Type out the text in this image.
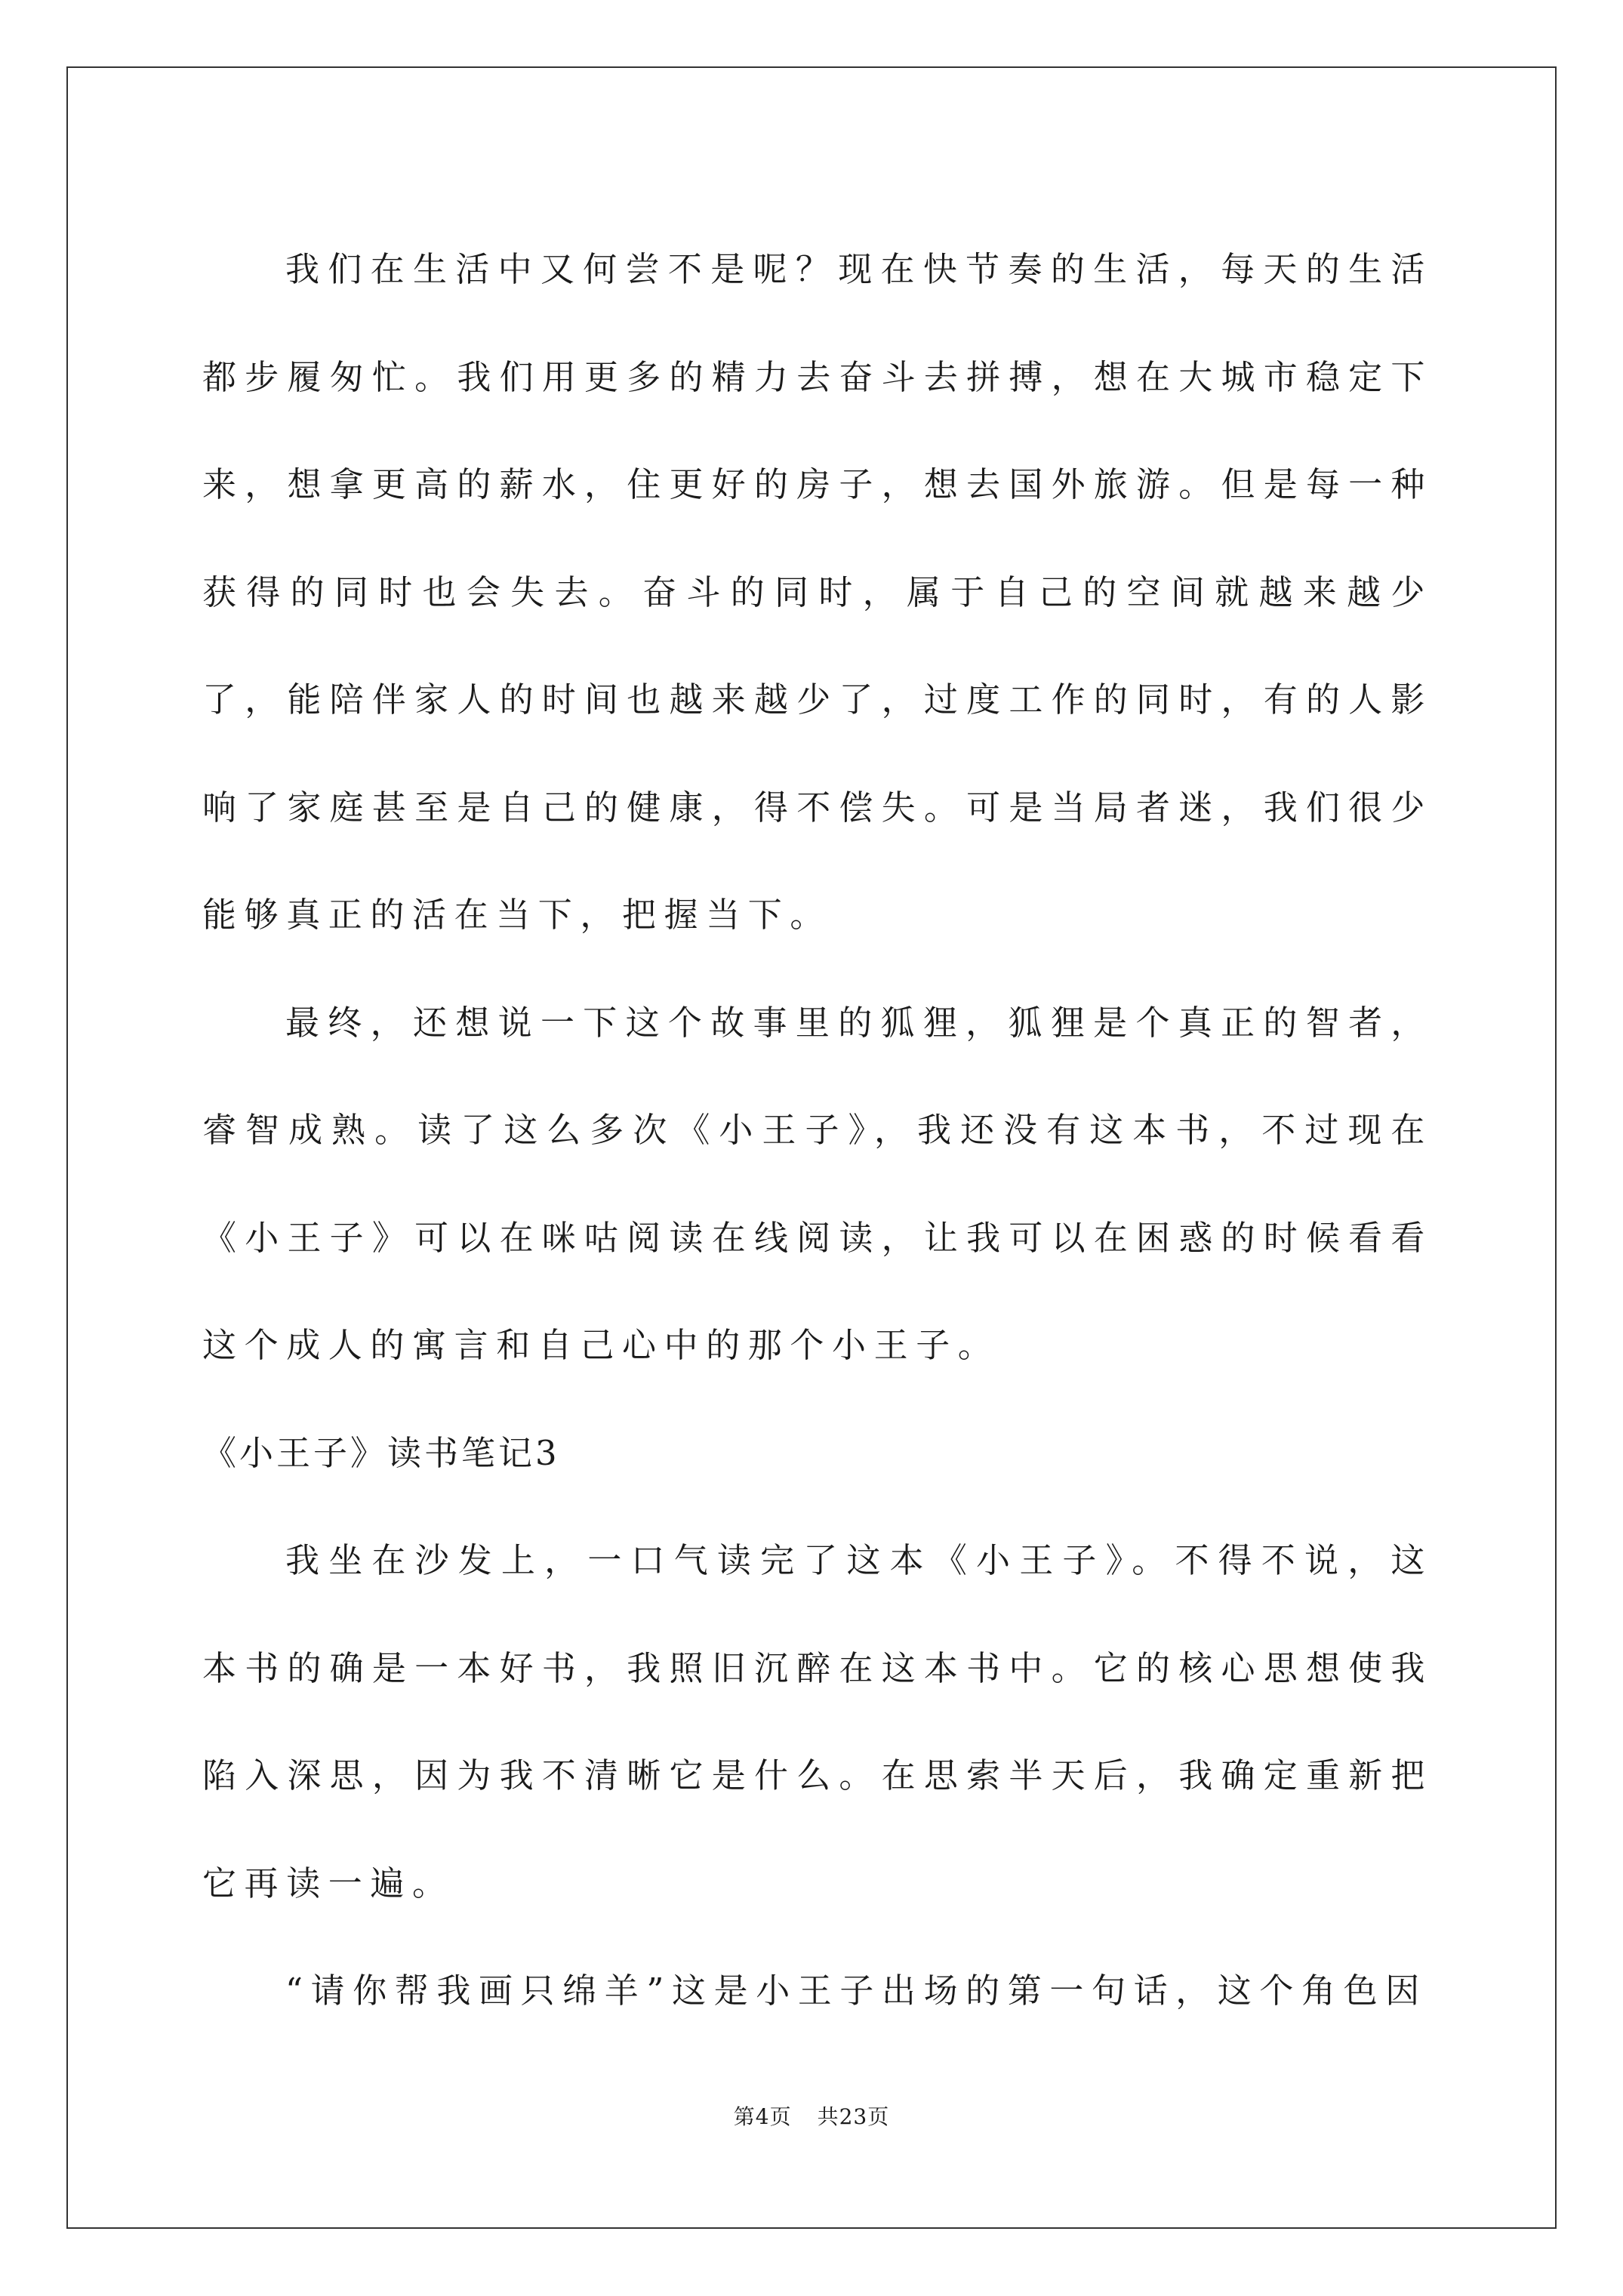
我们在生活中又何尝不是呢？现在快节奏的生活，每天的生活都步履匆忙。我们用更多的精力去奋斗去拼搏，想在大城市稳定下来，想拿更高的薪水，住更好的房子，想去国外旅游。但是每一种获得的同时也会失去。奋斗的同时，属于自己的空间就越来越少了，能陪伴家人的时间也越来越少了，过度工作的同时，有的人影响了家庭甚至是自己的健康，得不偿失。可是当局者迷，我们很少能够真正的活在当下，把握当下。

最终，还想说一下这个故事里的狐狸，狐狸是个真正的智者，睿智成熟。读了这么多次《小王子》，我还没有这本书，不过现在《小王子》可以在咪咕阅读在线阅读，让我可以在困惑的时候看看这个成人的寓言和自己心中的那个小王子。

《小王子》读书笔记3

我坐在沙发上，一口气读完了这本《小王子》。不得不说，这本书的确是一本好书，我照旧沉醉在这本书中。它的核心思想使我陷入深思，因为我不清晰它是什么。在思索半天后，我确定重新把它再读一遍。

“请你帮我画只绵羊”这是小王子出场的第一句话，这个角色因

第4页 共23页
